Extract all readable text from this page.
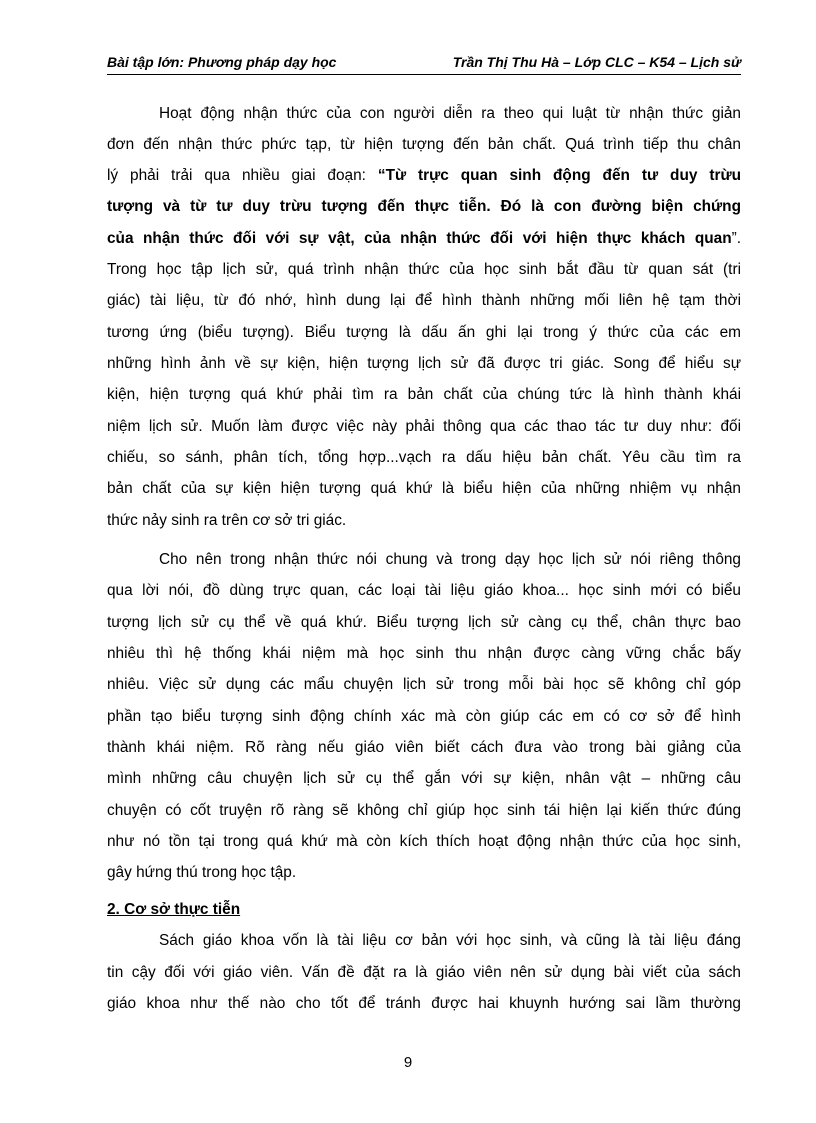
Bài tập lớn: Phương pháp dạy học	Trần Thị Thu Hà – Lớp CLC – K54 – Lịch sử
Hoạt động nhận thức của con người diễn ra theo qui luật từ nhận thức giản
đơn đến nhận thức phức tạp, từ hiện tượng đến bản chất. Quá trình tiếp thu chân
lý phải trải qua nhiều giai đoạn: “Từ trực quan sinh động đến tư duy trừu
tượng và từ tư duy trừu tượng đến thực tiễn. Đó là con đường biện chứng
của nhận thức đối với sự vật, của nhận thức đối với hiện thực khách quan”.
Trong học tập lịch sử, quá trình nhận thức của học sinh bắt đầu từ quan sát (tri
giác) tài liệu, từ đó nhớ, hình dung lại để hình thành những mối liên hệ tạm thời
tương ứng (biểu tượng). Biểu tượng là dấu ấn ghi lại trong ý thức của các em
những hình ảnh về sự kiện, hiện tượng lịch sử đã được tri giác. Song để hiểu sự
kiện, hiện tượng quá khứ phải tìm ra bản chất của chúng tức là hình thành khái
niệm lịch sử. Muốn làm được việc này phải thông qua các thao tác tư duy như: đối
chiếu, so sánh, phân tích, tổng hợp...vạch ra dấu hiệu bản chất. Yêu cầu tìm ra
bản chất của sự kiện hiện tượng quá khứ là biểu hiện của những nhiệm vụ nhận
thức nảy sinh ra trên cơ sở tri giác.
Cho nên trong nhận thức nói chung và trong dạy học lịch sử nói riêng thông
qua lời nói, đồ dùng trực quan, các loại tài liệu giáo khoa... học sinh mới có biểu
tượng lịch sử cụ thể về quá khứ. Biểu tượng lịch sử càng cụ thể, chân thực bao
nhiêu thì hệ thống khái niệm mà học sinh thu nhận được càng vững chắc bấy
nhiêu. Việc sử dụng các mẩu chuyện lịch sử trong mỗi bài học sẽ không chỉ góp
phần tạo biểu tượng sinh động chính xác mà còn giúp các em có cơ sở để hình
thành khái niệm. Rõ ràng nếu giáo viên biết cách đưa vào trong bài giảng của
mình những câu chuyện lịch sử cụ thể gắn với sự kiện, nhân vật – những câu
chuyện có cốt truyện rõ ràng sẽ không chỉ giúp học sinh tái hiện lại kiến thức đúng
như nó tồn tại trong quá khứ mà còn kích thích hoạt động nhận thức của học sinh,
gây hứng thú trong học tập.
2. Cơ sở thực tiễn
Sách giáo khoa vốn là tài liệu cơ bản với học sinh, và cũng là tài liệu đáng
tin cậy đối với giáo viên. Vấn đề đặt ra là giáo viên nên sử dụng bài viết của sách
giáo khoa như thế nào cho tốt để tránh được hai khuynh hướng sai lầm thường
9
